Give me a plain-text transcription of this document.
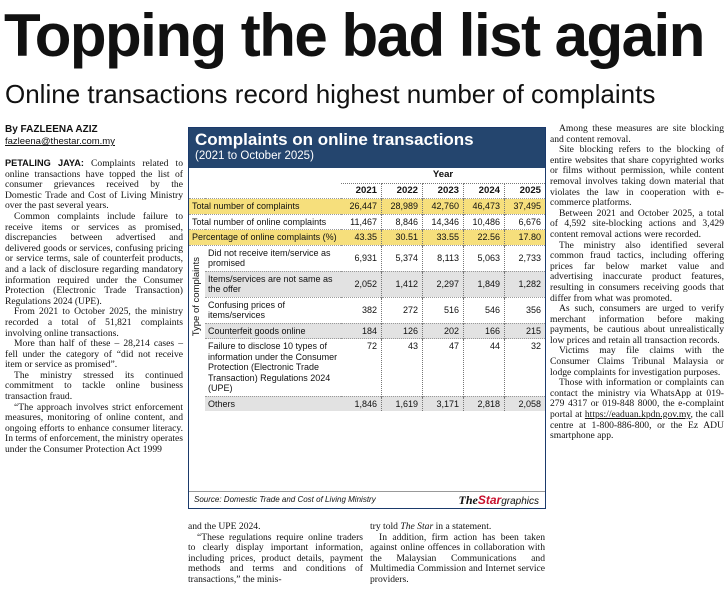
Topping the bad list again
Online transactions record highest number of complaints
By FAZLEENA AZIZ
fazleena@thestar.com.my

PETALING JAYA: Complaints related to online transactions have topped the list of consumer grievances received by the Domestic Trade and Cost of Living Ministry over the past several years.

Common complaints include failure to receive items or services as promised, discrepancies between advertised and delivered goods or services, confusing pricing or service terms, sale of counterfeit products, and a lack of disclosure regarding mandatory information required under the Consumer Protection (Electronic Trade Transaction) Regulations 2024 (UPE).

From 2021 to October 2025, the ministry recorded a total of 51,821 complaints involving online transactions.

More than half of these – 28,214 cases – fell under the category of “did not receive item or service as promised”.

The ministry stressed its continued commitment to tackle online business transaction fraud.

“The approach involves strict enforcement measures, monitoring of online content, and ongoing efforts to enhance consumer literacy. In terms of enforcement, the ministry operates under the Consumer Protection Act 1999

and the UPE 2024.

“These regulations require online traders to clearly display important information, including prices, product details, payment methods and terms and conditions of transactions,” the minis-

try told The Star in a statement.

In addition, firm action has been taken against online offences in collaboration with the Malaysian Communications and Multimedia Commission and Internet service providers.

Among these measures are site blocking and content removal.

Site blocking refers to the blocking of entire websites that share copyrighted works or films without permission, while content removal involves taking down material that violates the law in cooperation with e-commerce platforms.

Between 2021 and October 2025, a total of 4,592 site-blocking actions and 3,429 content removal actions were recorded.

The ministry also identified several common fraud tactics, including offering prices far below market value and advertising inaccurate product features, resulting in consumers receiving goods that differ from what was promoted.

As such, consumers are urged to verify merchant information before making payments, be cautious about unrealistically low prices and retain all transaction records.

Victims may file claims with the Consumer Claims Tribunal Malaysia or lodge complaints for investigation purposes.

Those with information or complaints can contact the ministry via WhatsApp at 019-279 4317 or 019-848 8000, the e-complaint portal at https://eaduan.kpdn.gov.my, the call centre at 1-800-886-800, or the Ez ADU smartphone app.

Complaints on online transactions
(2021 to October 2025)
		Year				
		2021	2022	2023	2024	2025
Total number of complaints		26,447	28,989	42,760	46,473	37,495
Total number of online complaints		11,467	8,846	14,346	10,486	6,676
Percentage of online complaints (%)		43.35	30.51	33.55	22.56	17.80

Type of complaints	Did not receive item/service as promised	6,931	5,374	8,113	5,063	2,733
	Items/services are not same as the offer	2,052	1,412	2,297	1,849	1,282
	Confusing prices of items/services	382	272	516	546	356
	Counterfeit goods online	184	126	202	166	215
	Failure to disclose 10 types of information under the Consumer Protection (Electronic Trade Transaction) Regulations 2024 (UPE)	72	43	47	44	32
	Others	1,846	1,619	3,171	2,818	2,058
Source: Domestic Trade and Cost of Living Ministry	TheStargraphics
